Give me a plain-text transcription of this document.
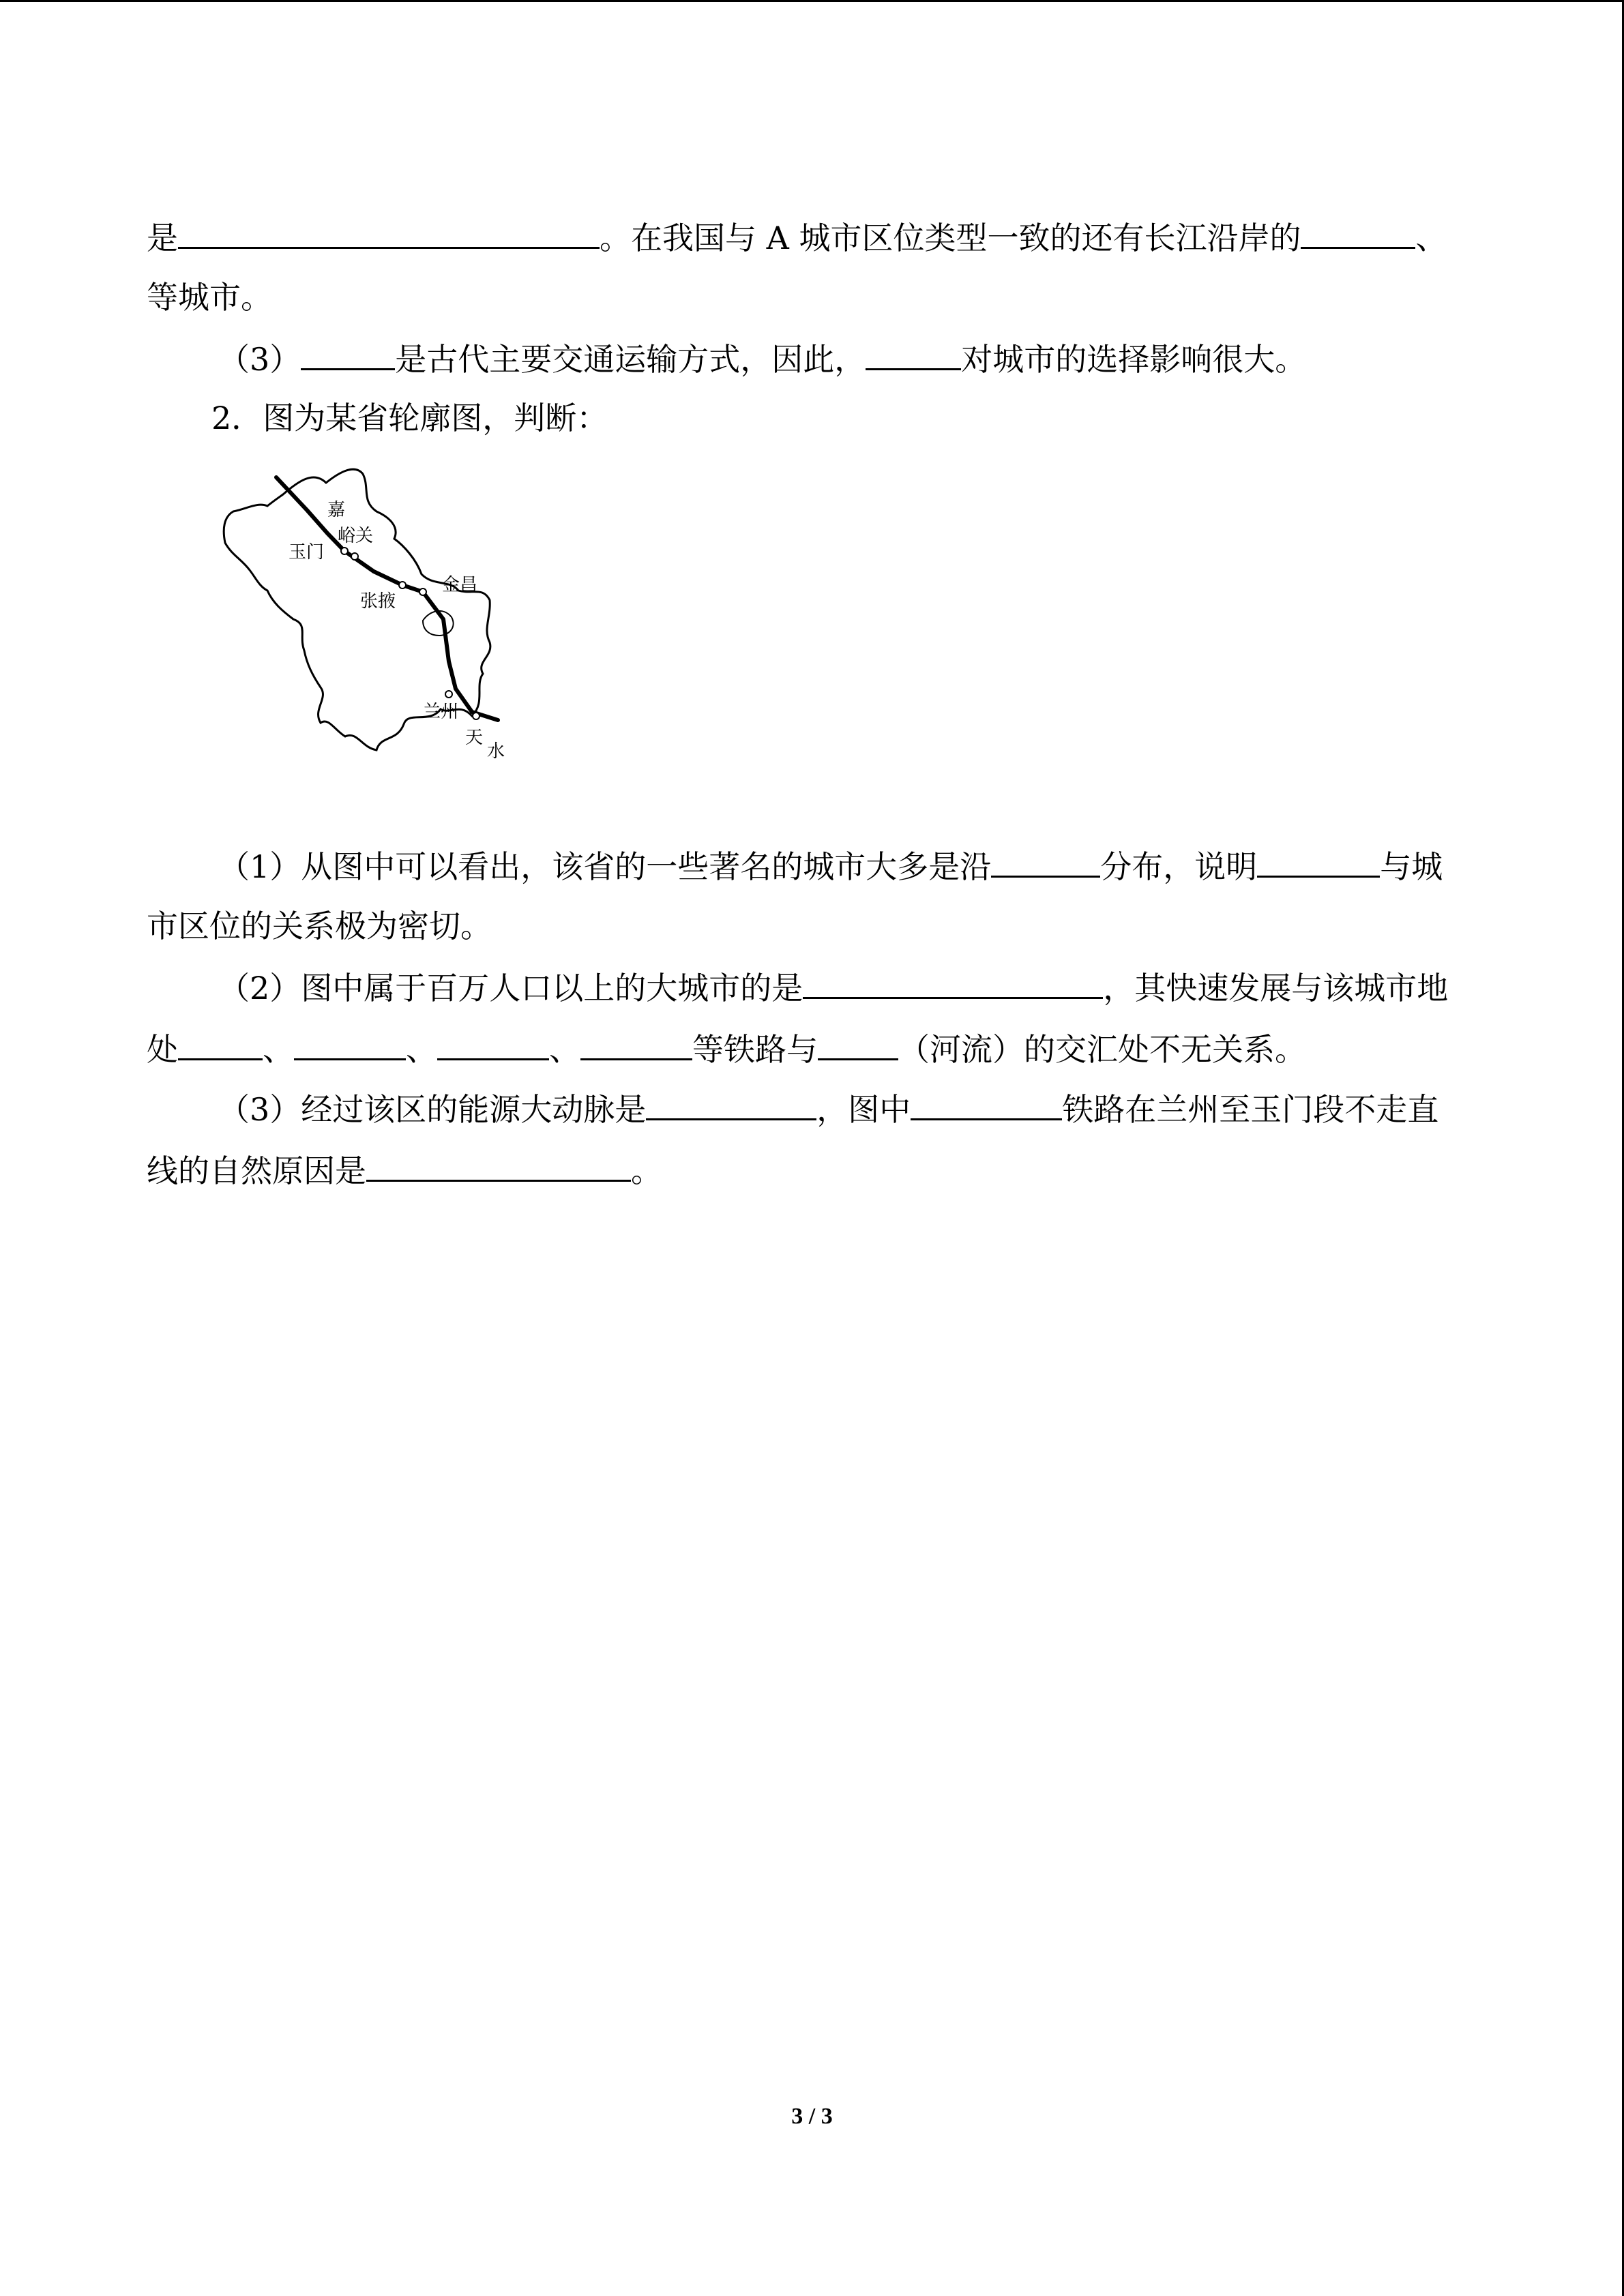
是	。在我国与 A 城市区位类型一致的还有长江沿岸的	、
等城市。
（3）	是古代主要交通运输方式，因此，	对城市的选择影响很大。
2．图为某省轮廓图，判断：
嘉
峪关
玉门
张掖
金昌
兰州
天
水
（1）从图中可以看出，该省的一些著名的城市大多是沿	分布，说明	与城
市区位的关系极为密切。
（2）图中属于百万人口以上的大城市的是	，其快速发展与该城市地
处	、	、	、	等铁路与	（河流）的交汇处不无关系。
（3）经过该区的能源大动脉是	，图中	铁路在兰州至玉门段不走直
线的自然原因是	。
3 / 3
